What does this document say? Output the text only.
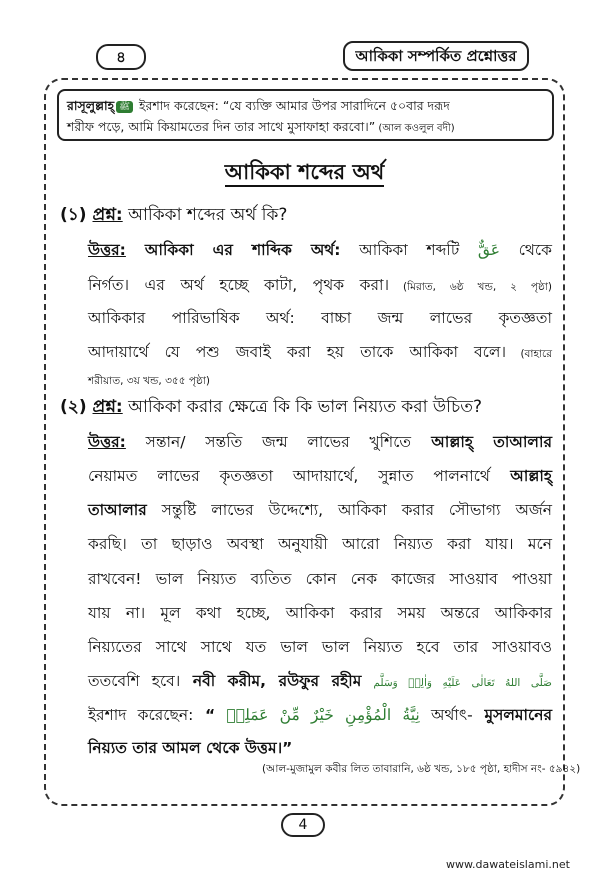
৪	আকিকা সম্পর্কিত প্রশ্নোত্তর
রাসূলুল্লাহ্ ﷺ ইরশাদ করেছেন: “যে ব্যক্তি আমার উপর সারাদিনে ৫০বার দরূদ
শরীফ পড়ে, আমি কিয়ামতের দিন তার সাথে মুসাফাহা করবো।” (আল কওলুল বদী)
আকিকা শব্দের অর্থ
(১) প্রশ্ন: আকিকা শব্দের অর্থ কি?
উত্তর: আকিকা এর শাব্দিক অর্থ: আকিকা শব্দটি عَقٌّ থেকে
নির্গত। এর অর্থ হচ্ছে কাটা, পৃথক করা। (মিরাত, ৬ষ্ঠ খন্ড, ২ পৃষ্ঠা)
আকিকার পারিভাষিক অর্থ: বাচ্চা জন্ম লাভের কৃতজ্ঞতা
আদায়ার্থে যে পশু জবাই করা হয় তাকে আকিকা বলে। (বাহারে
শরীয়াত, ৩য় খন্ড, ৩৫৫ পৃষ্ঠা)
(২) প্রশ্ন: আকিকা করার ক্ষেত্রে কি কি ভাল নিয়্যত করা উচিত?
উত্তর: সন্তান/ সন্ততি জন্ম লাভের খুশিতে আল্লাহ্ তাআলার
নেয়ামত লাভের কৃতজ্ঞতা আদায়ার্থে, সুন্নাত পালনার্থে আল্লাহ্
তাআলার সন্তুষ্টি লাভের উদ্দেশ্যে, আকিকা করার সৌভাগ্য অর্জন
করছি। তা ছাড়াও অবস্থা অনুযায়ী আরো নিয়্যত করা যায়। মনে
রাখবেন! ভাল নিয়্যত ব্যতিত কোন নেক কাজের সাওয়াব পাওয়া
যায় না। মূল কথা হচ্ছে, আকিকা করার সময় অন্তরে আকিকার
নিয়্যতের সাথে সাথে যত ভাল ভাল নিয়্যত হবে তার সাওয়াবও
ততবেশি হবে। নবী করীম, রউফুর রহীম صَلَّى اللهُ تَعَالٰى عَلَيْهِ وَاٰلِهٖ وَسَلَّم
ইরশাদ করেছেন: “ نِيَّةُ الْمُؤْمِنِ خَيْرٌ مِّنْ عَمَلِهٖ অর্থাৎ- মুসলমানের
নিয়্যত তার আমল থেকে উত্তম।”
(আল-মুজামুল কবীর লিত তাবারানি, ৬ষ্ঠ খন্ড, ১৮৫ পৃষ্ঠা, হাদীস নং- ৫৯৪২)
4
www.dawateislami.net
